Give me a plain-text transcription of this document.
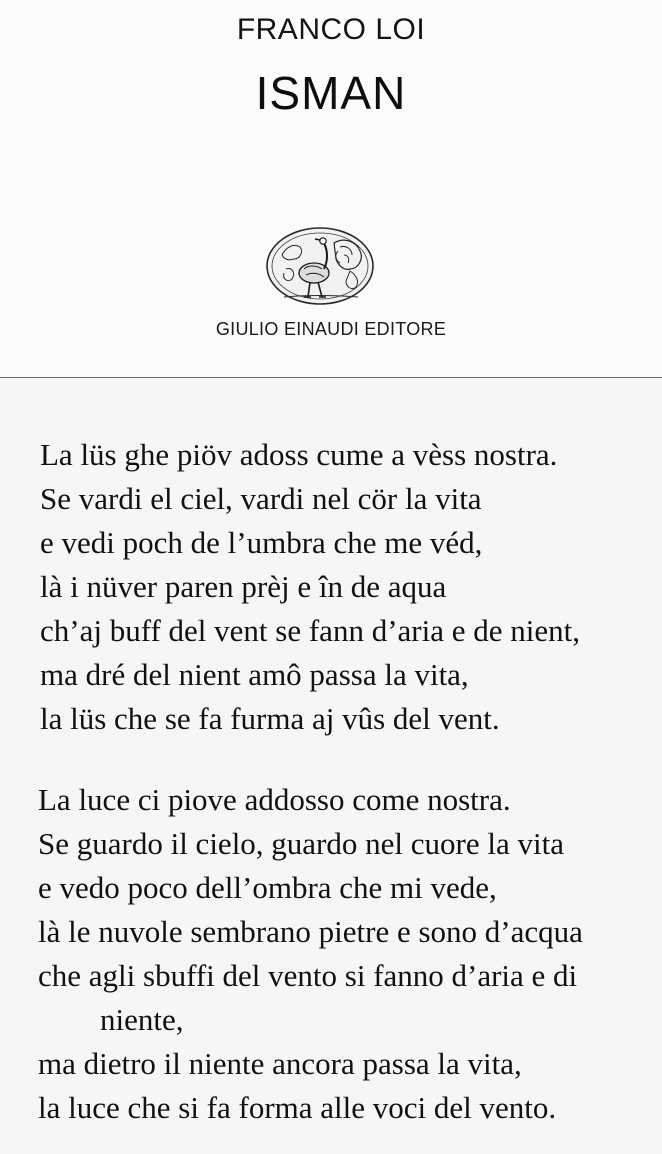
FRANCO LOI
ISMAN
GIULIO EINAUDI EDITORE
La lüs ghe piöv adoss cume a vèss nostra.
Se vardi el ciel, vardi nel cör la vita
e vedi poch de l’umbra che me véd,
là i nüver paren prèj e în de aqua
ch’aj buff del vent se fann d’aria e de nient,
ma dré del nient amô passa la vita,
la lüs che se fa furma aj vûs del vent.
La luce ci piove addosso come nostra.
Se guardo il cielo, guardo nel cuore la vita
e vedo poco dell’ombra che mi vede,
là le nuvole sembrano pietre e sono d’acqua
che agli sbuffi del vento si fanno d’aria e di
niente,
ma dietro il niente ancora passa la vita,
la luce che si fa forma alle voci del vento.
